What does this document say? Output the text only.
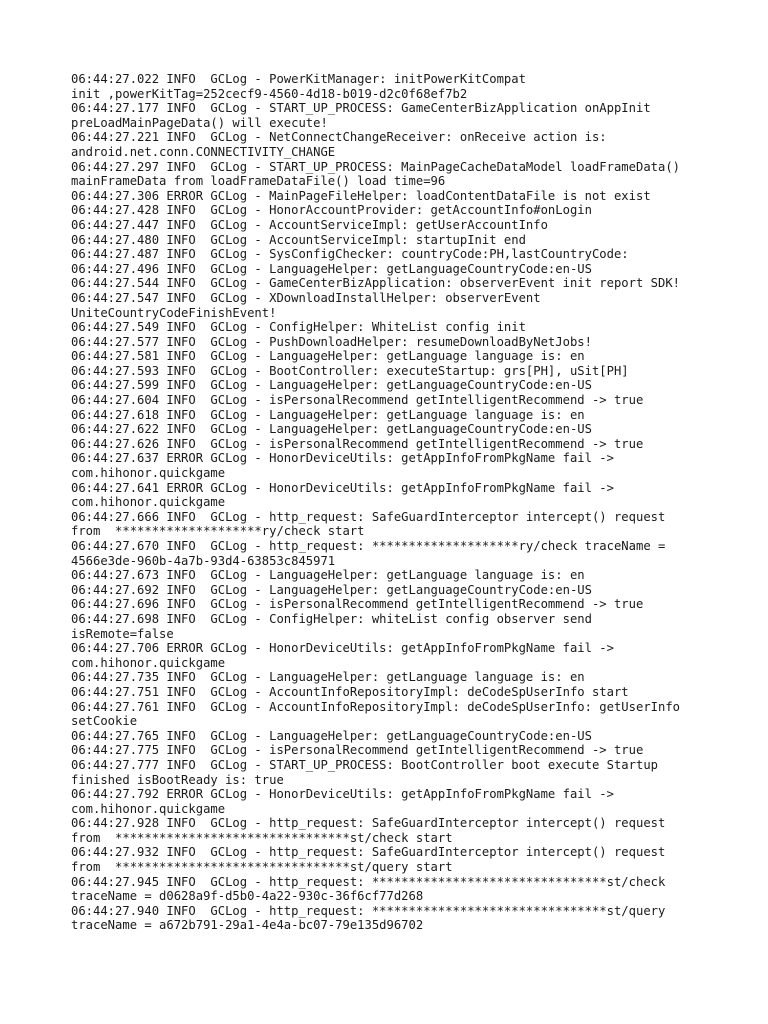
06:44:27.022 INFO  GCLog - PowerKitManager: initPowerKitCompat
init ,powerKitTag=252cecf9-4560-4d18-b019-d2c0f68ef7b2
06:44:27.177 INFO  GCLog - START_UP_PROCESS: GameCenterBizApplication onAppInit
preLoadMainPageData() will execute!
06:44:27.221 INFO  GCLog - NetConnectChangeReceiver: onReceive action is:
android.net.conn.CONNECTIVITY_CHANGE
06:44:27.297 INFO  GCLog - START_UP_PROCESS: MainPageCacheDataModel loadFrameData()
mainFrameData from loadFrameDataFile() load time=96
06:44:27.306 ERROR GCLog - MainPageFileHelper: loadContentDataFile is not exist
06:44:27.428 INFO  GCLog - HonorAccountProvider: getAccountInfo#onLogin
06:44:27.447 INFO  GCLog - AccountServiceImpl: getUserAccountInfo
06:44:27.480 INFO  GCLog - AccountServiceImpl: startupInit end
06:44:27.487 INFO  GCLog - SysConfigChecker: countryCode:PH,lastCountryCode:
06:44:27.496 INFO  GCLog - LanguageHelper: getLanguageCountryCode:en-US
06:44:27.544 INFO  GCLog - GameCenterBizApplication: observerEvent init report SDK!
06:44:27.547 INFO  GCLog - XDownloadInstallHelper: observerEvent
UniteCountryCodeFinishEvent!
06:44:27.549 INFO  GCLog - ConfigHelper: WhiteList config init
06:44:27.577 INFO  GCLog - PushDownloadHelper: resumeDownloadByNetJobs!
06:44:27.581 INFO  GCLog - LanguageHelper: getLanguage language is: en
06:44:27.593 INFO  GCLog - BootController: executeStartup: grs[PH], uSit[PH]
06:44:27.599 INFO  GCLog - LanguageHelper: getLanguageCountryCode:en-US
06:44:27.604 INFO  GCLog - isPersonalRecommend getIntelligentRecommend -> true
06:44:27.618 INFO  GCLog - LanguageHelper: getLanguage language is: en
06:44:27.622 INFO  GCLog - LanguageHelper: getLanguageCountryCode:en-US
06:44:27.626 INFO  GCLog - isPersonalRecommend getIntelligentRecommend -> true
06:44:27.637 ERROR GCLog - HonorDeviceUtils: getAppInfoFromPkgName fail ->
com.hihonor.quickgame
06:44:27.641 ERROR GCLog - HonorDeviceUtils: getAppInfoFromPkgName fail ->
com.hihonor.quickgame
06:44:27.666 INFO  GCLog - http_request: SafeGuardInterceptor intercept() request
from  ********************ry/check start
06:44:27.670 INFO  GCLog - http_request: ********************ry/check traceName =
4566e3de-960b-4a7b-93d4-63853c845971
06:44:27.673 INFO  GCLog - LanguageHelper: getLanguage language is: en
06:44:27.692 INFO  GCLog - LanguageHelper: getLanguageCountryCode:en-US
06:44:27.696 INFO  GCLog - isPersonalRecommend getIntelligentRecommend -> true
06:44:27.698 INFO  GCLog - ConfigHelper: whiteList config observer send
isRemote=false
06:44:27.706 ERROR GCLog - HonorDeviceUtils: getAppInfoFromPkgName fail ->
com.hihonor.quickgame
06:44:27.735 INFO  GCLog - LanguageHelper: getLanguage language is: en
06:44:27.751 INFO  GCLog - AccountInfoRepositoryImpl: deCodeSpUserInfo start
06:44:27.761 INFO  GCLog - AccountInfoRepositoryImpl: deCodeSpUserInfo: getUserInfo
setCookie
06:44:27.765 INFO  GCLog - LanguageHelper: getLanguageCountryCode:en-US
06:44:27.775 INFO  GCLog - isPersonalRecommend getIntelligentRecommend -> true
06:44:27.777 INFO  GCLog - START_UP_PROCESS: BootController boot execute Startup
finished isBootReady is: true
06:44:27.792 ERROR GCLog - HonorDeviceUtils: getAppInfoFromPkgName fail ->
com.hihonor.quickgame
06:44:27.928 INFO  GCLog - http_request: SafeGuardInterceptor intercept() request
from  ********************************st/check start
06:44:27.932 INFO  GCLog - http_request: SafeGuardInterceptor intercept() request
from  ********************************st/query start
06:44:27.945 INFO  GCLog - http_request: ********************************st/check
traceName = d0628a9f-d5b0-4a22-930c-36f6cf77d268
06:44:27.940 INFO  GCLog - http_request: ********************************st/query
traceName = a672b791-29a1-4e4a-bc07-79e135d96702
